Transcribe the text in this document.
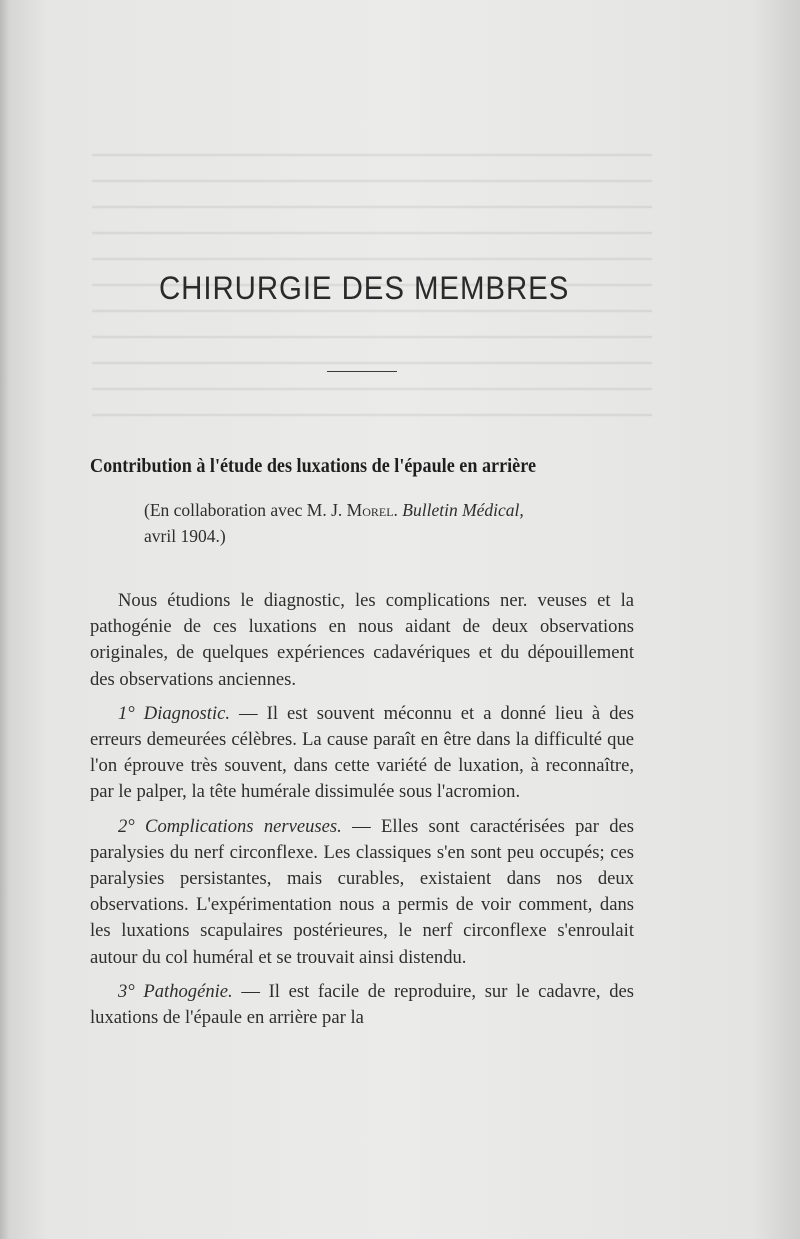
CHIRURGIE DES MEMBRES
Contribution à l'étude des luxations de l'épaule en arrière
(En collaboration avec M. J. Morel. Bulletin Médical,
avril 1904.)

Nous étudions le diagnostic, les complications ner. veuses et la pathogénie de ces luxations en nous aidant de deux observations originales, de quelques expériences cadavériques et du dépouillement des observations anciennes.

1° Diagnostic. — Il est souvent méconnu et a donné lieu à des erreurs demeurées célèbres. La cause paraît en être dans la difficulté que l'on éprouve très souvent, dans cette variété de luxation, à reconnaître, par le palper, la tête humérale dissimulée sous l'acromion.

2° Complications nerveuses. — Elles sont caractérisées par des paralysies du nerf circonflexe. Les classiques s'en sont peu occupés; ces paralysies persistantes, mais curables, existaient dans nos deux observations. L'expérimentation nous a permis de voir comment, dans les luxations scapulaires postérieures, le nerf circonflexe s'enroulait autour du col huméral et se trouvait ainsi distendu.

3° Pathogénie. — Il est facile de reproduire, sur le cadavre, des luxations de l'épaule en arrière par la
